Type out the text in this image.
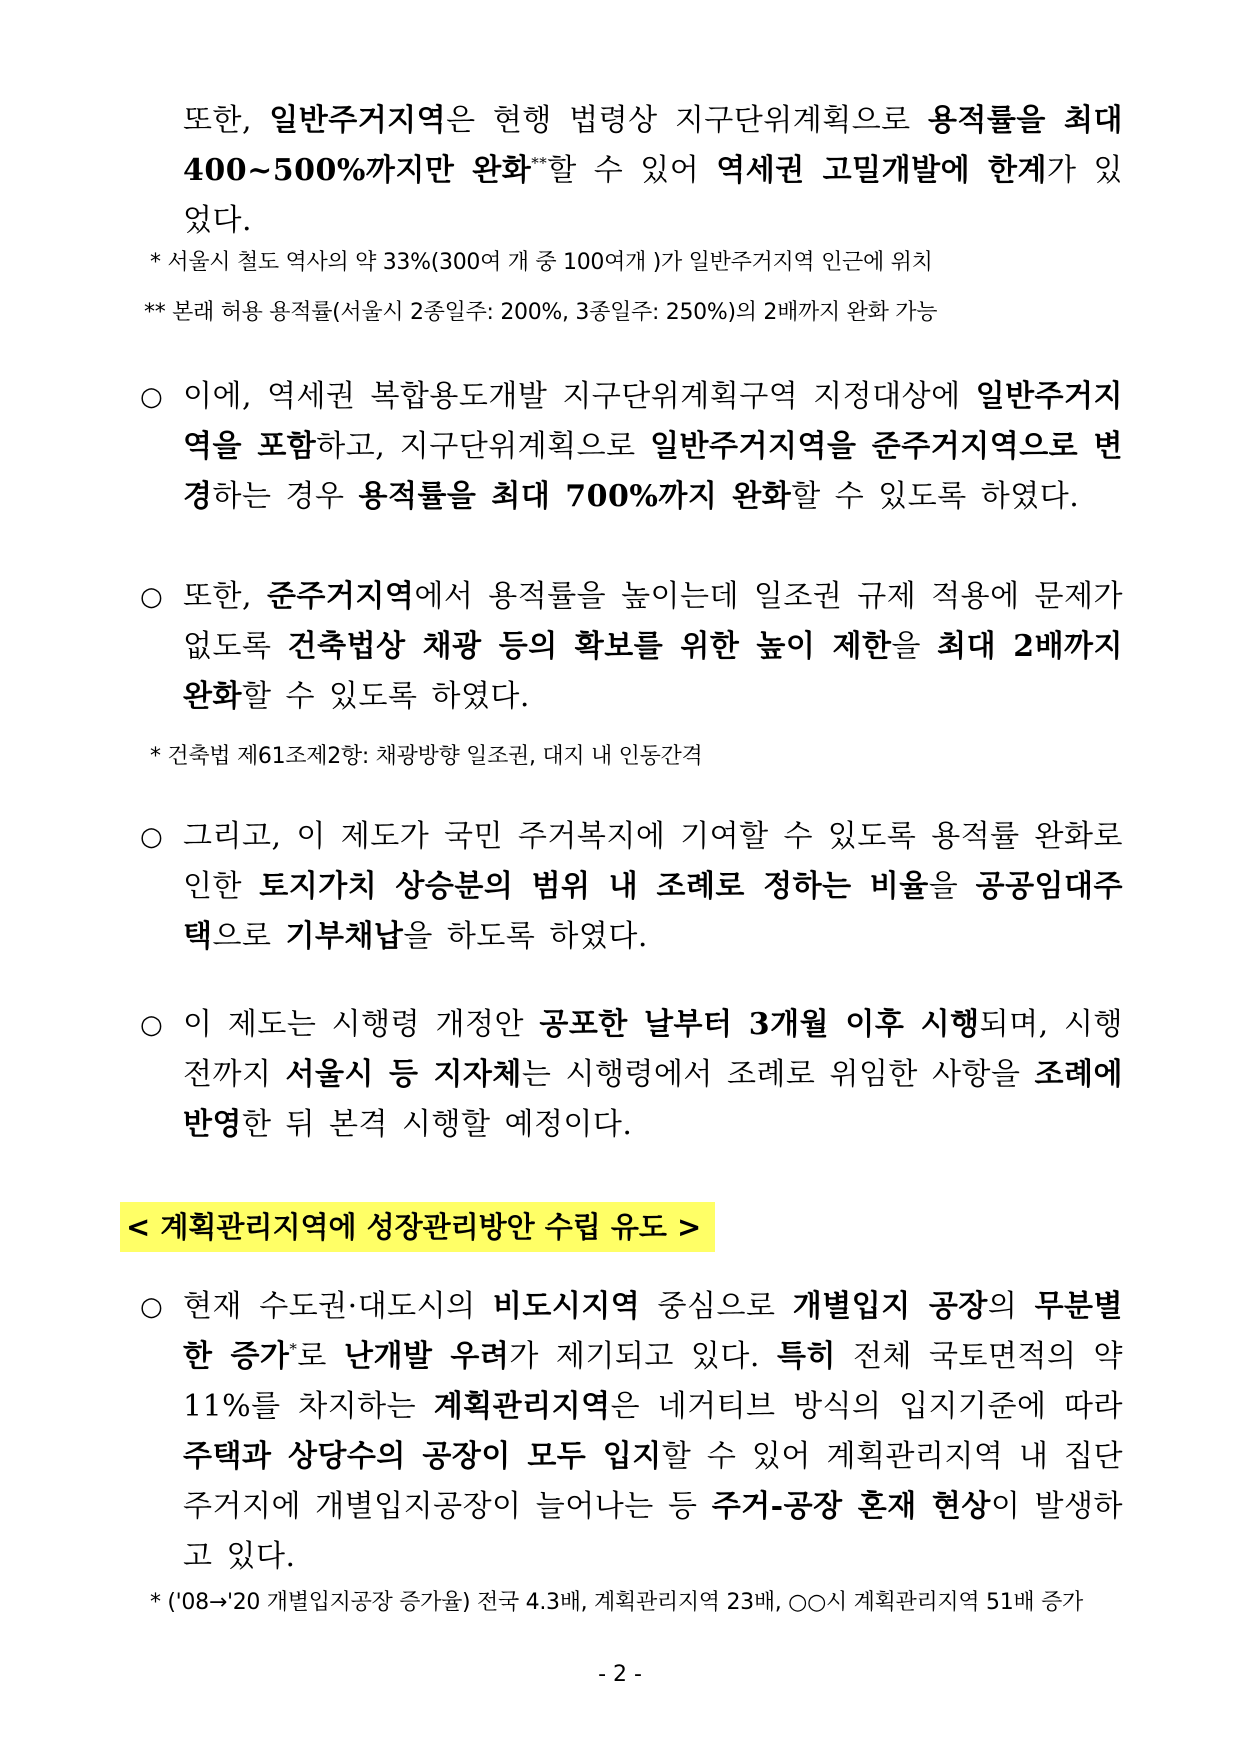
또한, 일반주거지역은 현행 법령상 지구단위계획으로 용적률을 최대 400~500%까지만 완화**할 수 있어 역세권 고밀개발에 한계가 있었다.

* 서울시 철도 역사의 약 33%(300여 개 중 100여개 )가 일반주거지역 인근에 위치

** 본래 허용 용적률(서울시 2종일주: 200%, 3종일주: 250%)의 2배까지 완화 가능

○ 이에, 역세권 복합용도개발 지구단위계획구역 지정대상에 일반주거지역을 포함하고, 지구단위계획으로 일반주거지역을 준주거지역으로 변경하는 경우 용적률을 최대 700%까지 완화할 수 있도록 하였다.

○ 또한, 준주거지역에서 용적률을 높이는데 일조권 규제 적용에 문제가 없도록 건축법상 채광 등의 확보를 위한 높이 제한을 최대 2배까지 완화할 수 있도록 하였다.

* 건축법 제61조제2항: 채광방향 일조권, 대지 내 인동간격

○ 그리고, 이 제도가 국민 주거복지에 기여할 수 있도록 용적률 완화로 인한 토지가치 상승분의 범위 내 조례로 정하는 비율을 공공임대주택으로 기부채납을 하도록 하였다.

○ 이 제도는 시행령 개정안 공포한 날부터 3개월 이후 시행되며, 시행 전까지 서울시 등 지자체는 시행령에서 조례로 위임한 사항을 조례에 반영한 뒤 본격 시행할 예정이다.

< 계획관리지역에 성장관리방안 수립 유도 >

○ 현재 수도권·대도시의 비도시지역 중심으로 개별입지 공장의 무분별한 증가*로 난개발 우려가 제기되고 있다. 특히 전체 국토면적의 약 11%를 차지하는 계획관리지역은 네거티브 방식의 입지기준에 따라 주택과 상당수의 공장이 모두 입지할 수 있어 계획관리지역 내 집단주거지에 개별입지공장이 늘어나는 등 주거-공장 혼재 현상이 발생하고 있다.

* ('08→'20 개별입지공장 증가율) 전국 4.3배, 계획관리지역 23배, ○○시 계획관리지역 51배 증가

- 2 -
